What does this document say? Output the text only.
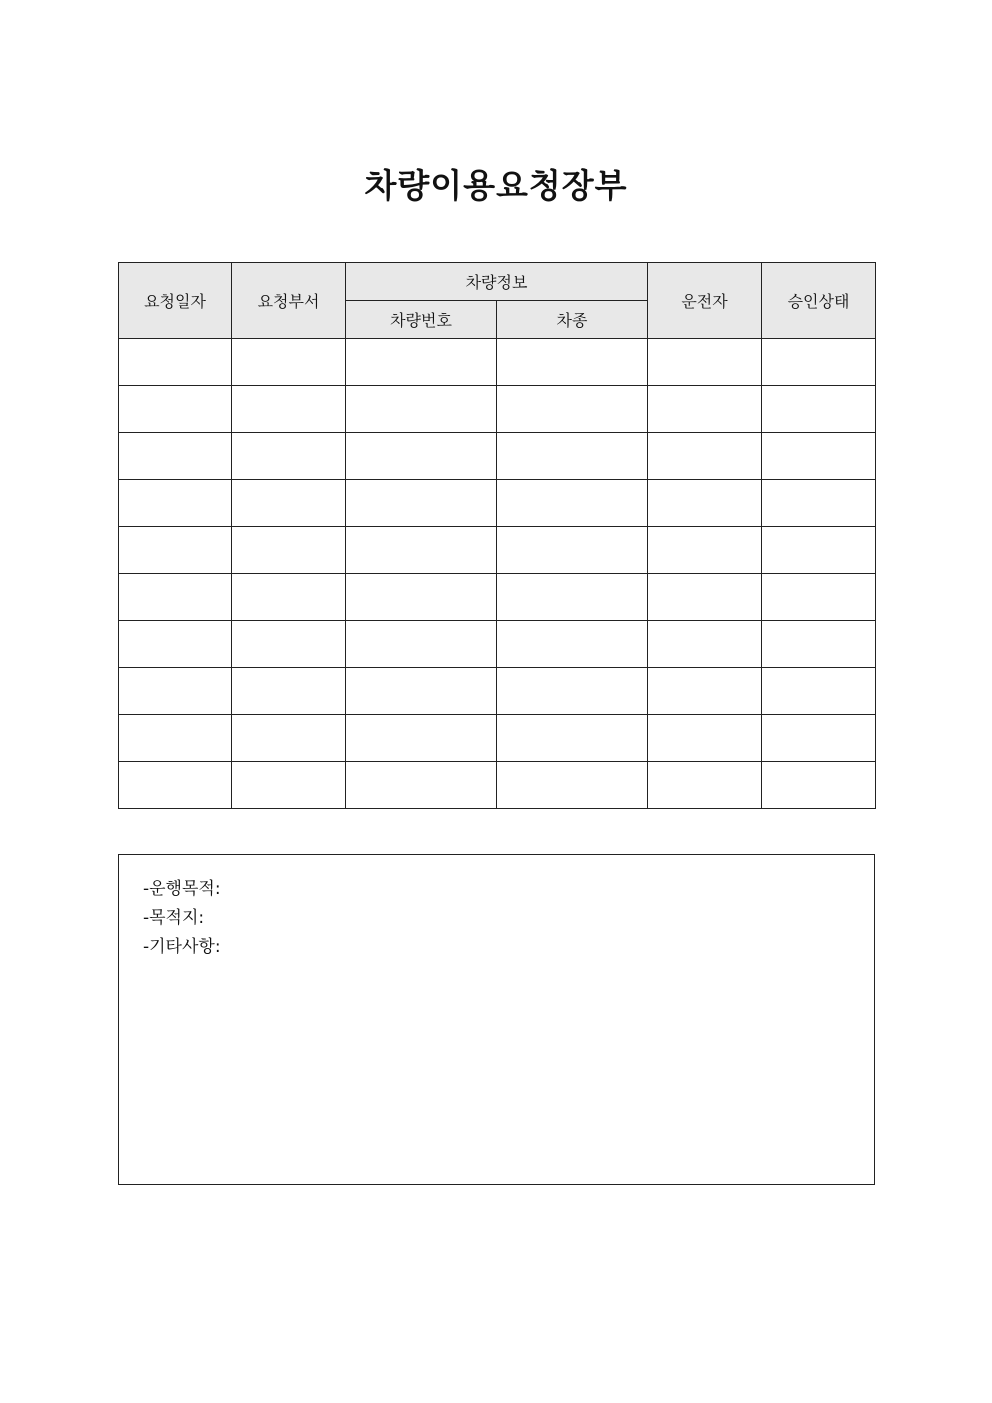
차량이용요청장부
요청일자	요청부서	차량정보		운전자	승인상태
		차량번호	차종		

-운행목적:
-목적지:
-기타사항:
